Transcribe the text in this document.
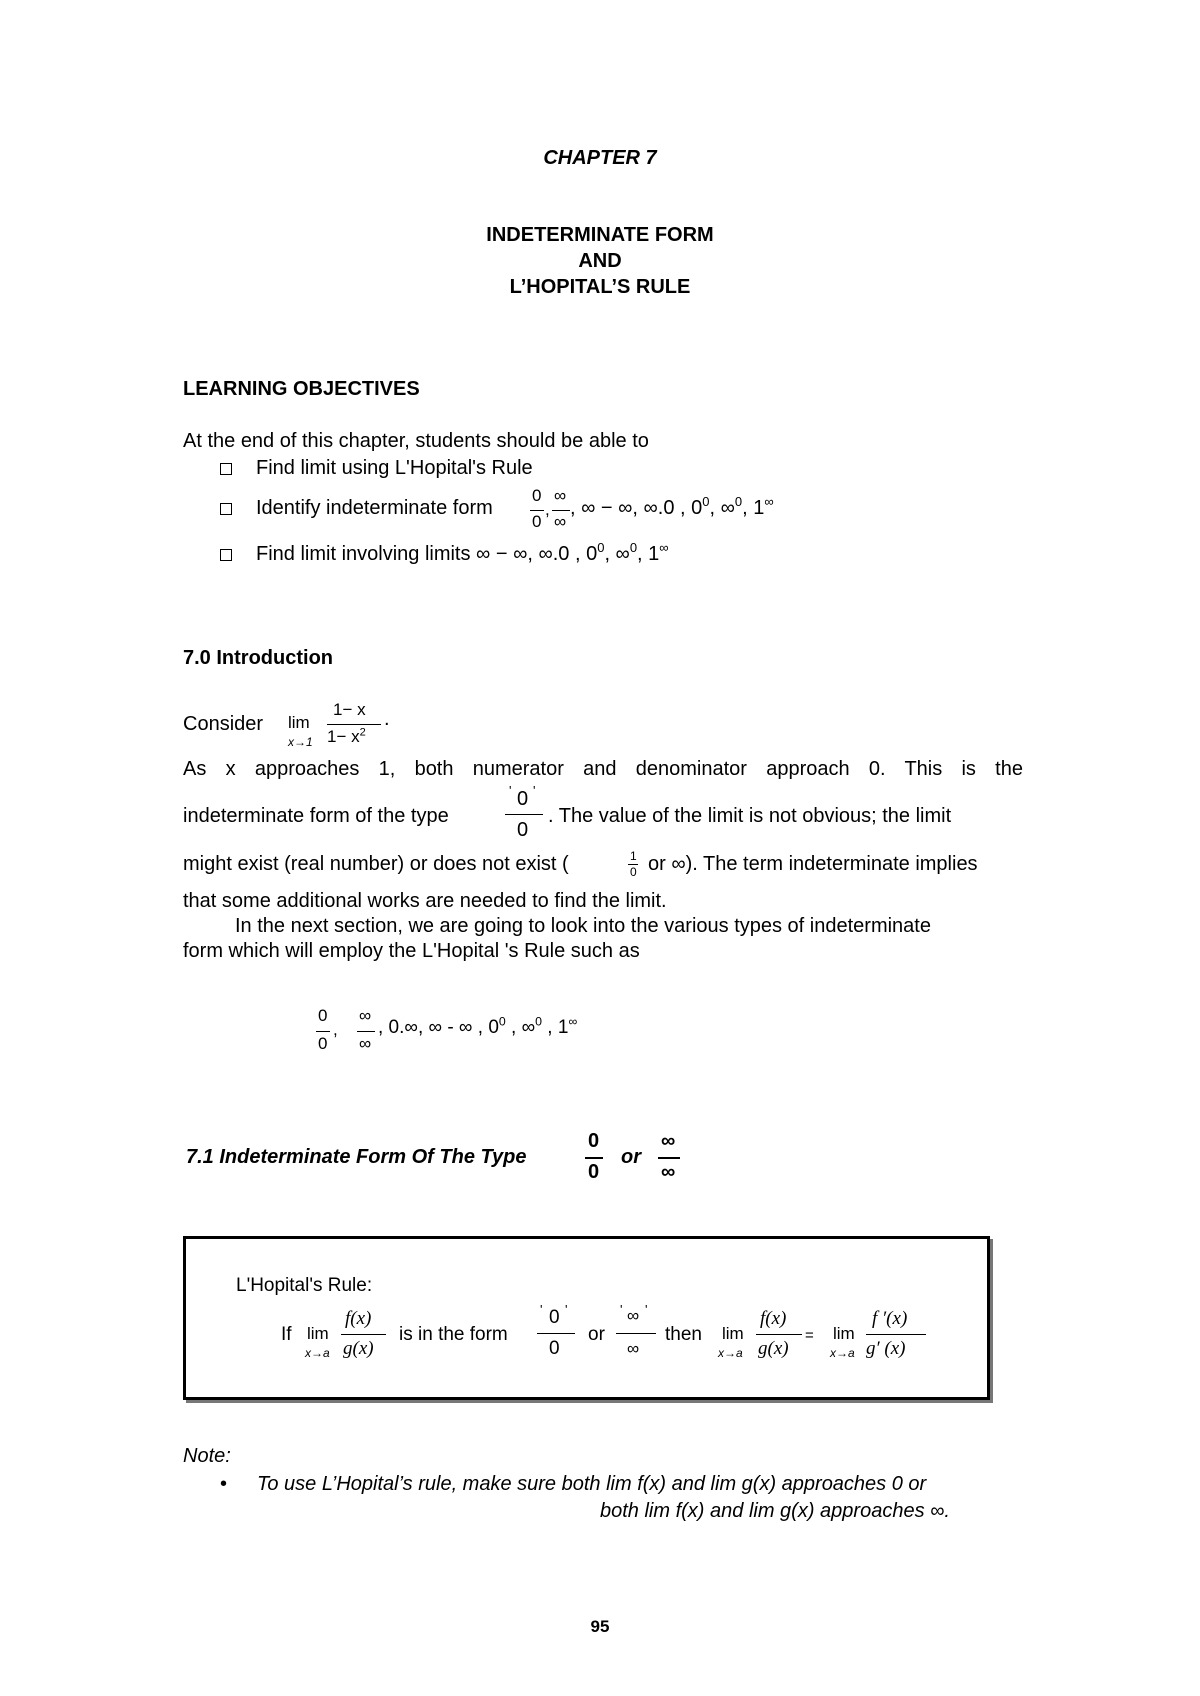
CHAPTER 7
INDETERMINATE FORM
AND
L’HOPITAL’S RULE
LEARNING OBJECTIVES
At the end of this chapter, students should be able to
Find limit using L'Hopital's Rule
Identify indeterminate form
0
0
,
∞
∞
, ∞ − ∞, ∞.0 , $0^0$, ∞$^0$, 1∞
Find limit involving limits ∞ − ∞, ∞.0 , $0^0$, ∞$^0$, 1∞
7.0 Introduction
Consider lim
x→1
1− x
$1- x^2$
.
As x approaches 1, both numerator and denominator approach 0. This is the
indeterminate form of the type
' 0 '
0
. The value of the limit is not obvious; the limit
might exist (real number) or does not exist (	1
0 or ∞). The term indeterminate implies
that some additional works are needed to find the limit.
In the next section, we are going to look into the various types of indeterminate
form which will employ the L'Hopital 's Rule such as
0
0
,
∞
∞
, 0.∞, ∞ - ∞ , $0^0$ , ∞$^0$ , 1∞
7.1 Indeterminate Form Of The Type
0
0
or
∞
∞
L'Hopital's Rule:
If lim
x→a
f(x)
g(x)
is in the form
' 0 '
0
or
' ∞ '
∞
then lim
x→a
f(x)
g(x)
= lim
x→a
f ′(x)
g′ (x)
Note:
• To use L’Hopital’s rule, make sure both lim f(x) and lim g(x) approaches 0 or
both lim f(x) and lim g(x) approaches ∞.
95
